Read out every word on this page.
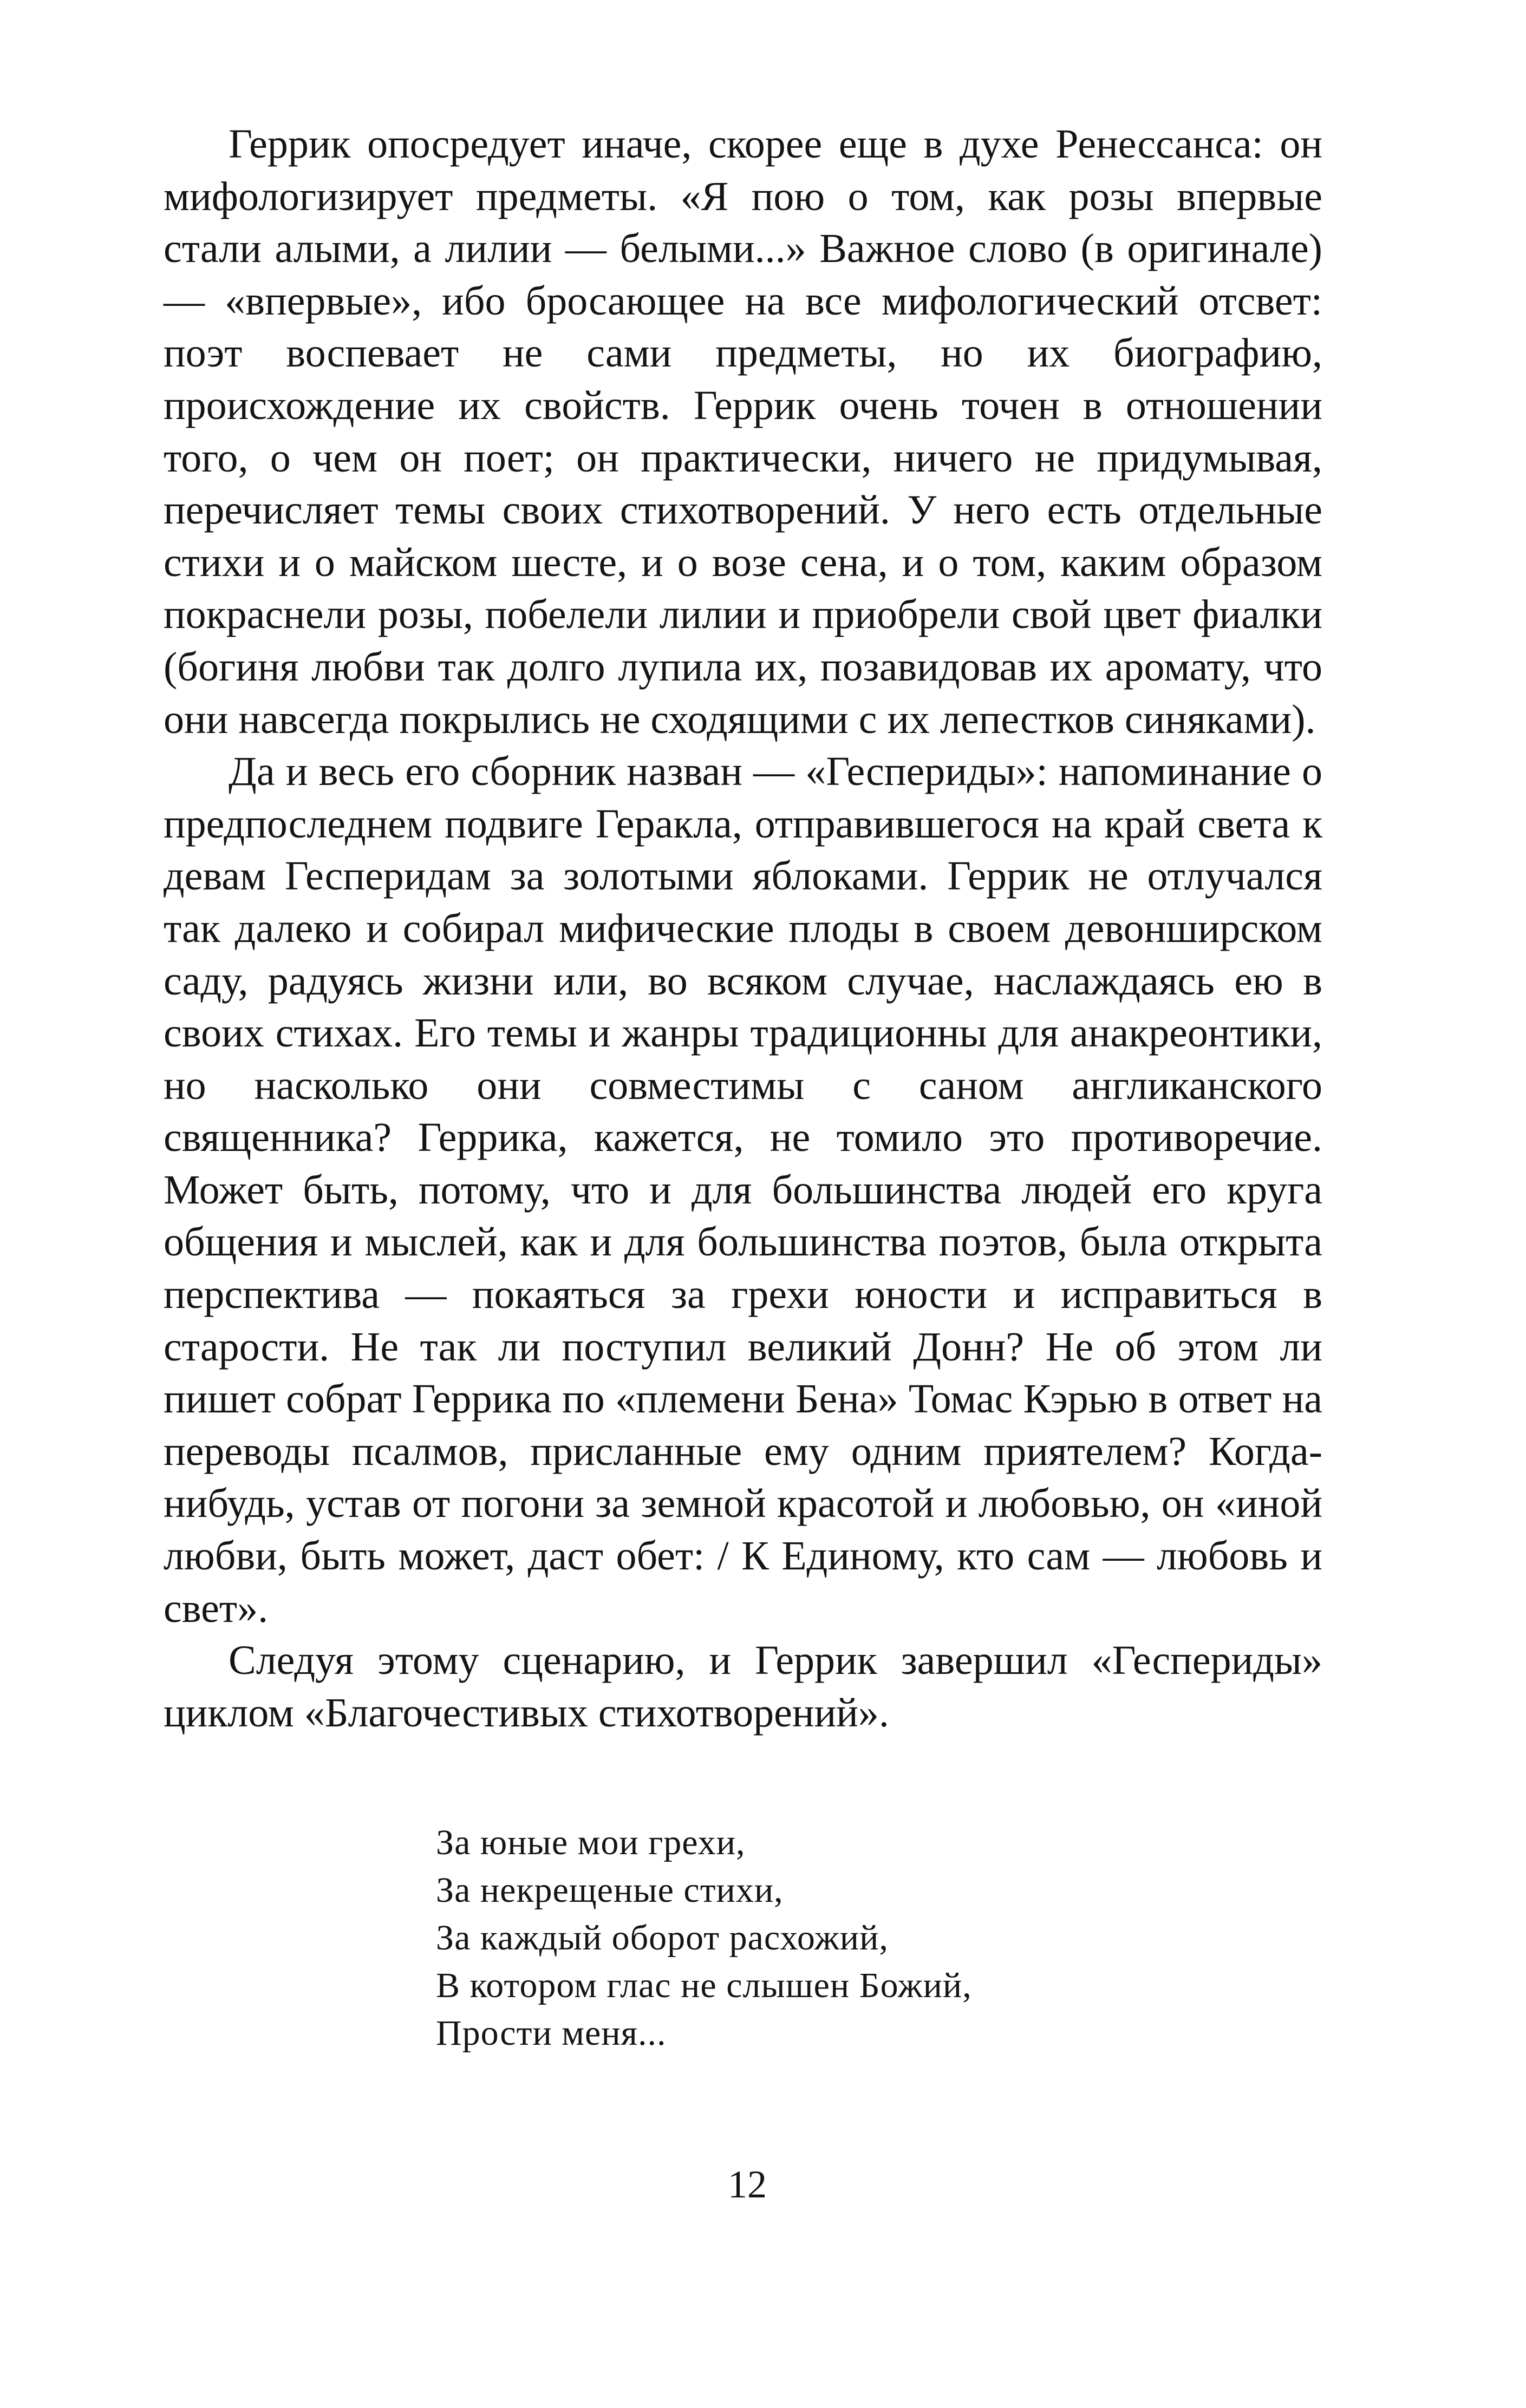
Геррик опосредует иначе, скорее еще в духе Ренессанса: он мифологизирует предметы. «Я пою о том, как розы впервые стали алыми, а лилии — белыми...» Важное слово (в оригинале) — «впервые», ибо бросающее на все мифологический отсвет: поэт воспевает не сами предметы, но их биографию, происхождение их свойств. Геррик очень точен в отношении того, о чем он поет; он практически, ничего не придумывая, перечисляет темы своих стихотворений. У него есть отдельные стихи и о майском шесте, и о возе сена, и о том, каким образом покраснели розы, побелели лилии и приобрели свой цвет фиалки (богиня любви так долго лупила их, позавидовав их аромату, что они навсегда покрылись не сходящими с их лепестков синяками).

Да и весь его сборник назван — «Геспериды»: напоминание о предпоследнем подвиге Геракла, отправившегося на край света к девам Гесперидам за золотыми яблоками. Геррик не отлучался так далеко и собирал мифические плоды в своем девонширском саду, радуясь жизни или, во всяком случае, наслаждаясь ею в своих стихах. Его темы и жанры традиционны для анакреонтики, но насколько они совместимы с саном англиканского священника? Геррика, кажется, не томило это противоречие. Может быть, потому, что и для большинства людей его круга общения и мыслей, как и для большинства поэтов, была открыта перспектива — покаяться за грехи юности и исправиться в старости. Не так ли поступил великий Донн? Не об этом ли пишет собрат Геррика по «племени Бена» Томас Кэрью в ответ на переводы псалмов, присланные ему одним приятелем? Когда-нибудь, устав от погони за земной красотой и любовью, он «иной любви, быть может, даст обет: / К Единому, кто сам — любовь и свет».

Следуя этому сценарию, и Геррик завершил «Геспериды» циклом «Благочестивых стихотворений».

За юные мои грехи,
За некрещеные стихи,
За каждый оборот расхожий,
В котором глас не слышен Божий,
Прости меня...
12
